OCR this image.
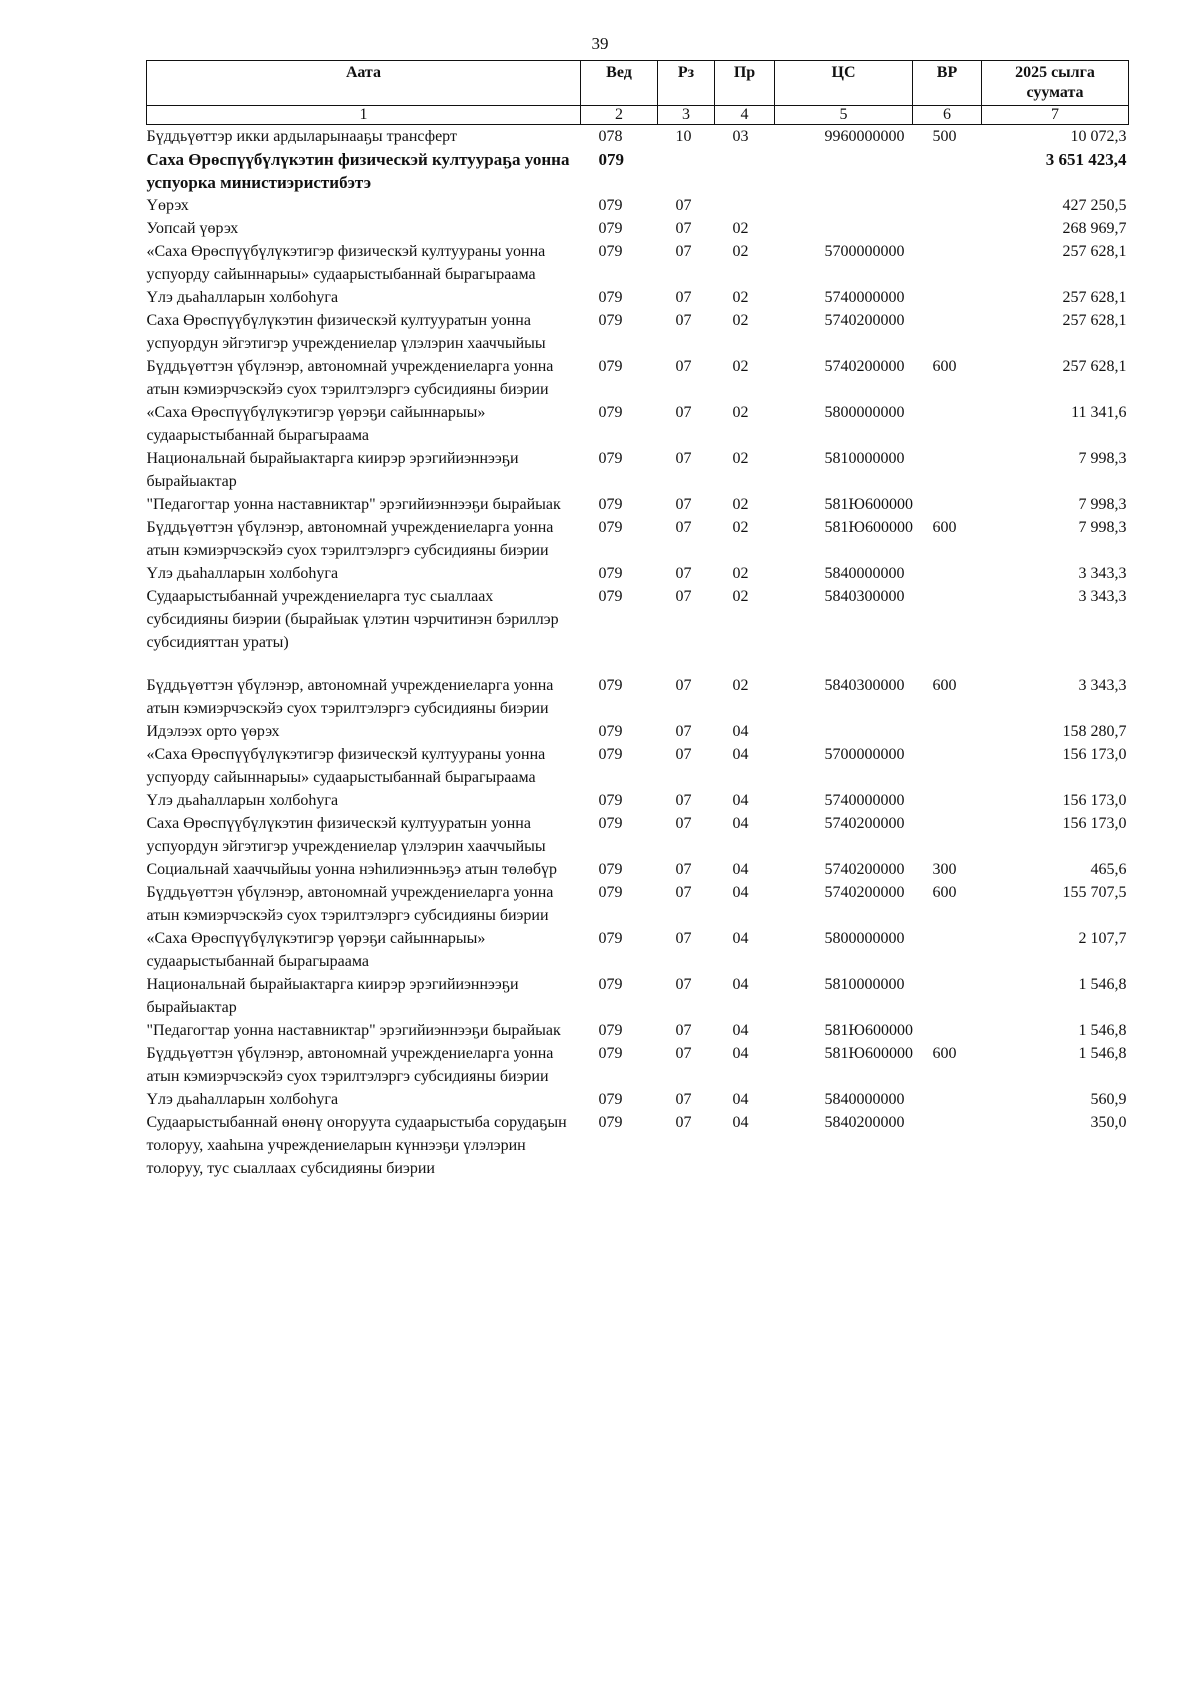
39
Аата	Вед	Рз	Пр	ЦС	ВР	2025 сылга суумата
1	2	3	4	5	6	7
Бүддьүөттэр икки ардыларынааҕы трансферт	078	10	03	9960000000	500	10 072,3
Саха Өрөспүүбүлүкэтин физическэй култуураҕа уонна успуорка министиэристибэтэ	079					3 651 423,4
Үөрэх	079	07				427 250,5
Уопсай үөрэх	079	07	02			268 969,7
«Саха Өрөспүүбүлүкэтигэр физическэй култуураны уонна успуорду сайыннарыы» судаарыстыбаннай бырагыраама	079	07	02	5700000000		257 628,1
Үлэ дьаһалларын холбоһуга	079	07	02	5740000000		257 628,1
Саха Өрөспүүбүлүкэтин физическэй култууратын уонна успуордун эйгэтигэр учреждениелар үлэлэрин хааччыйыы	079	07	02	5740200000		257 628,1
Бүддьүөттэн үбүлэнэр, автономнай учреждениеларга уонна атын кэмиэрчэскэйэ суох тэрилтэлэргэ субсидияны биэрии	079	07	02	5740200000	600	257 628,1
«Саха Өрөспүүбүлүкэтигэр үөрэҕи сайыннарыы» судаарыстыбаннай бырагыраама	079	07	02	5800000000		11 341,6
Национальнай бырайыактарга киирэр эрэгийиэннээҕи бырайыактар	079	07	02	5810000000		7 998,3
"Педагогтар уонна наставниктар" эрэгийиэннээҕи бырайыак	079	07	02	581Ю600000		7 998,3
Бүддьүөттэн үбүлэнэр, автономнай учреждениеларга уонна атын кэмиэрчэскэйэ суох тэрилтэлэргэ субсидияны биэрии	079	07	02	581Ю600000	600	7 998,3
Үлэ дьаһалларын холбоһуга	079	07	02	5840000000		3 343,3
Судаарыстыбаннай учреждениеларга тус сыаллаах субсидияны биэрии (бырайыак үлэтин чэрчитинэн бэриллэр субсидияттан ураты)	079	07	02	5840300000		3 343,3
Бүддьүөттэн үбүлэнэр, автономнай учреждениеларга уонна атын кэмиэрчэскэйэ суох тэрилтэлэргэ субсидияны биэрии	079	07	02	5840300000	600	3 343,3
Идэлээх орто үөрэх	079	07	04			158 280,7
«Саха Өрөспүүбүлүкэтигэр физическэй култуураны уонна успуорду сайыннарыы» судаарыстыбаннай бырагыраама	079	07	04	5700000000		156 173,0
Үлэ дьаһалларын холбоһуга	079	07	04	5740000000		156 173,0
Саха Өрөспүүбүлүкэтин физическэй култууратын уонна успуордун эйгэтигэр учреждениелар үлэлэрин хааччыйыы	079	07	04	5740200000		156 173,0
Социальнай хааччыйыы уонна нэһилиэнньэҕэ атын төлөбүр	079	07	04	5740200000	300	465,6
Бүддьүөттэн үбүлэнэр, автономнай учреждениеларга уонна атын кэмиэрчэскэйэ суох тэрилтэлэргэ субсидияны биэрии	079	07	04	5740200000	600	155 707,5
«Саха Өрөспүүбүлүкэтигэр үөрэҕи сайыннарыы» судаарыстыбаннай бырагыраама	079	07	04	5800000000		2 107,7
Национальнай бырайыактарга киирэр эрэгийиэннээҕи бырайыактар	079	07	04	5810000000		1 546,8
"Педагогтар уонна наставниктар" эрэгийиэннээҕи бырайыак	079	07	04	581Ю600000		1 546,8
Бүддьүөттэн үбүлэнэр, автономнай учреждениеларга уонна атын кэмиэрчэскэйэ суох тэрилтэлэргэ субсидияны биэрии	079	07	04	581Ю600000	600	1 546,8
Үлэ дьаһалларын холбоһуга	079	07	04	5840000000		560,9
Судаарыстыбаннай өнөнү оҥоруута судаарыстыба сорудаҕын толоруу, хааһына учреждениеларын күннээҕи үлэлэрин толоруу, тус сыаллаах субсидияны биэрии	079	07	04	5840200000		350,0
